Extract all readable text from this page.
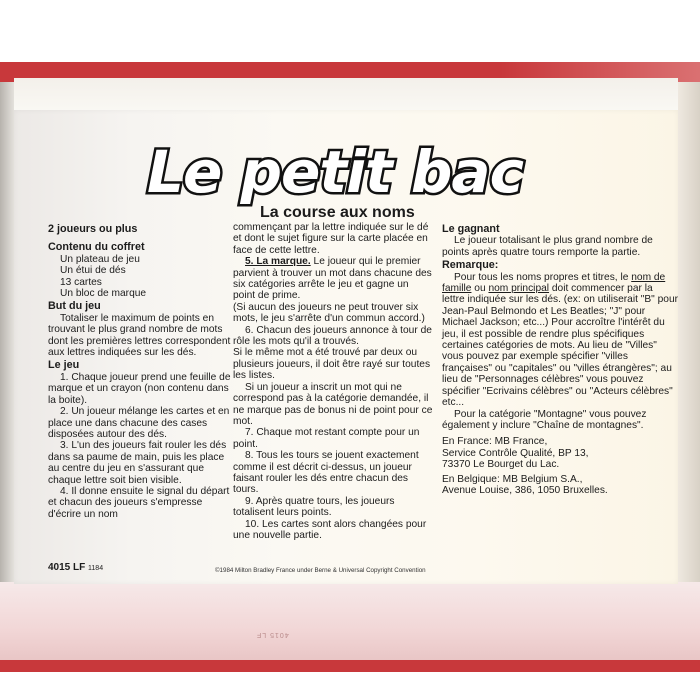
Le petit bac
La course aux noms

2 joueurs ou plus

Contenu du coffret

Un plateau de jeu

Un étui de dés

13 cartes

Un bloc de marque

But du jeu

Totaliser le maximum de points en trouvant le plus grand nombre de mots dont les premières lettres correspondent aux lettres indiquées sur les dés.

Le jeu

1. Chaque joueur prend une feuille de marque et un crayon (non contenu dans la boite).

2. Un joueur mélange les cartes et en place une dans chacune des cases disposées autour des dés.

3. L'un des joueurs fait rouler les dés dans sa paume de main, puis les place au centre du jeu en s'assurant que chaque lettre soit bien visible.

4. Il donne ensuite le signal du départ et chacun des joueurs s'empresse d'écrire un nom

commençant par la lettre indiquée sur le dé et dont le sujet figure sur la carte placée en face de cette lettre.

5. La marque. Le joueur qui le premier parvient à trouver un mot dans chacune des six catégories arrête le jeu et gagne un point de prime.

(Si aucun des joueurs ne peut trouver six mots, le jeu s'arrête d'un commun accord.)

6. Chacun des joueurs annonce à tour de rôle les mots qu'il a trouvés.

Si le même mot a été trouvé par deux ou plusieurs joueurs, il doit être rayé sur toutes les listes.

Si un joueur a inscrit un mot qui ne correspond pas à la catégorie demandée, il ne marque pas de bonus ni de point pour ce mot.

7. Chaque mot restant compte pour un point.

8. Tous les tours se jouent exactement comme il est décrit ci-dessus, un joueur faisant rouler les dés entre chacun des tours.

9. Après quatre tours, les joueurs totalisent leurs points.

10. Les cartes sont alors changées pour une nouvelle partie.

Le gagnant

Le joueur totalisant le plus grand nombre de points après quatre tours remporte la partie.

Remarque:

Pour tous les noms propres et titres, le nom de famille ou nom principal doit commencer par la lettre indiquée sur les dés. (ex: on utiliserait "B" pour Jean-Paul Belmondo et Les Beatles; "J" pour Michael Jackson; etc...) Pour accroître l'intérêt du jeu, il est possible de rendre plus spécifiques certaines catégories de mots. Au lieu de "Villes" vous pouvez par exemple spécifier "villes françaises" ou "capitales" ou "villes étrangères"; au lieu de "Personnages célèbres" vous pouvez spécifier "Ecrivains célèbres" ou "Acteurs célèbres" etc...

Pour la catégorie "Montagne" vous pouvez également y inclure "Chaîne de montagnes".

En France: MB France,

Service Contrôle Qualité, BP 13,

73370 Le Bourget du Lac.

En Belgique: MB Belgium S.A.,

Avenue Louise, 386, 1050 Bruxelles.

4015 LF 1184	©1984 Milton Bradley France under Berne & Universal Copyright Convention
4015 LF
